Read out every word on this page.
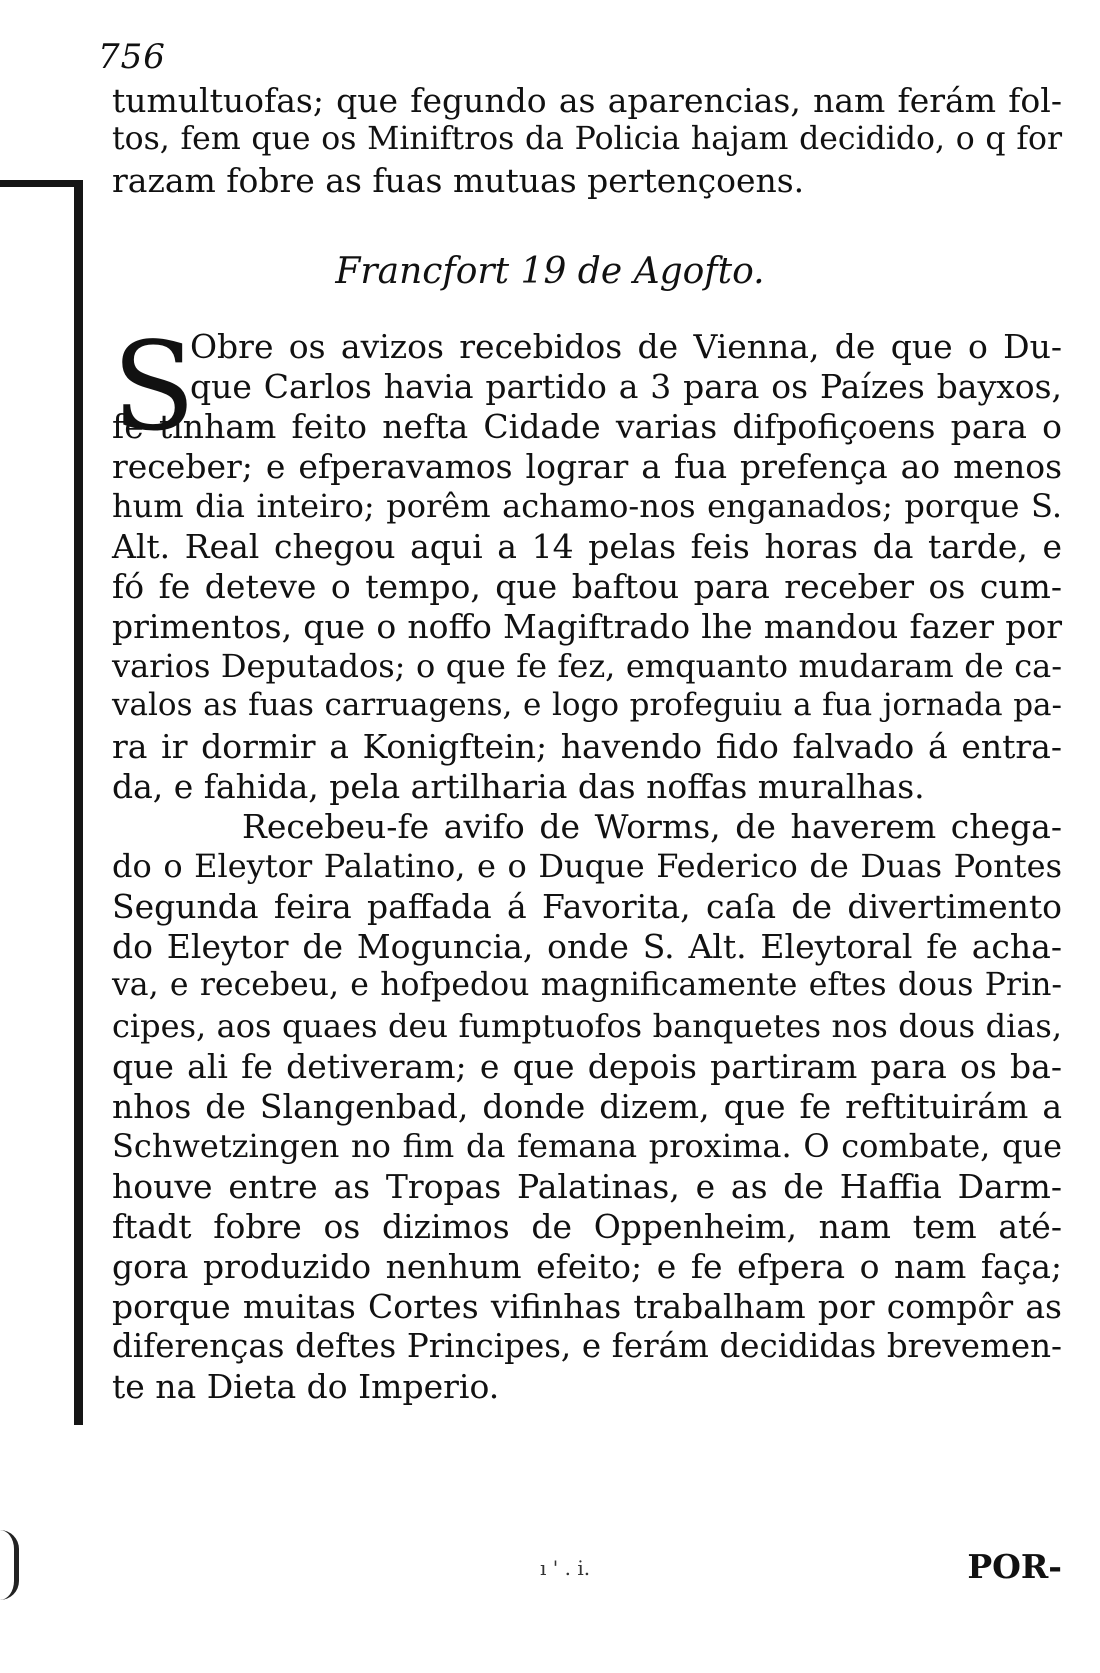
756
tumultuofas; que fegundo as aparencias, nam ferám fol-
tos, fem que os Miniftros da Policia hajam decidido, o q for
razam fobre as fuas mutuas pertençoens.
Francfort 19 de Agofto.
S
Obre os avizos recebidos de Vienna, de que o Du-
que Carlos havia partido a 3 para os Paízes bayxos,
fe tinham feito nefta Cidade varias difpofiçoens para o
receber; e efperavamos lograr a fua prefença ao menos
hum dia inteiro; porêm achamo-nos enganados; porque S.
Alt. Real chegou aqui a 14 pelas feis horas da tarde, e
fó fe deteve o tempo, que baftou para receber os cum-
primentos, que o noffo Magiftrado lhe mandou fazer por
varios Deputados; o que fe fez, emquanto mudaram de ca-
valos as fuas carruagens, e logo profeguiu a fua jornada pa-
ra ir dormir a Konigftein; havendo fido falvado á entra-
da, e fahida, pela artilharia das noffas muralhas.
Recebeu-fe avifo de Worms, de haverem chega-
do o Eleytor Palatino, e o Duque Federico de Duas Pontes
Segunda feira paffada á Favorita, caſa de divertimento
do Eleytor de Moguncia, onde S. Alt. Eleytoral fe acha-
va, e recebeu, e hofpedou magnificamente eftes dous Prin-
cipes, aos quaes deu fumptuofos banquetes nos dous dias,
que ali fe detiveram; e que depois partiram para os ba-
nhos de Slangenbad, donde dizem, que fe reftituirám a
Schwetzingen no fim da femana proxima. O combate, que
houve entre as Tropas Palatinas, e as de Haffia Darm-
ftadt fobre os dizimos de Oppenheim, nam tem até-
gora produzido nenhum efeito; e fe efpera o nam faça;
porque muitas Cortes vifinhas trabalham por compôr as
diferenças deftes Principes, e ferám decididas brevemen-
te na Dieta do Imperio.
ı ' . i.	POR-
